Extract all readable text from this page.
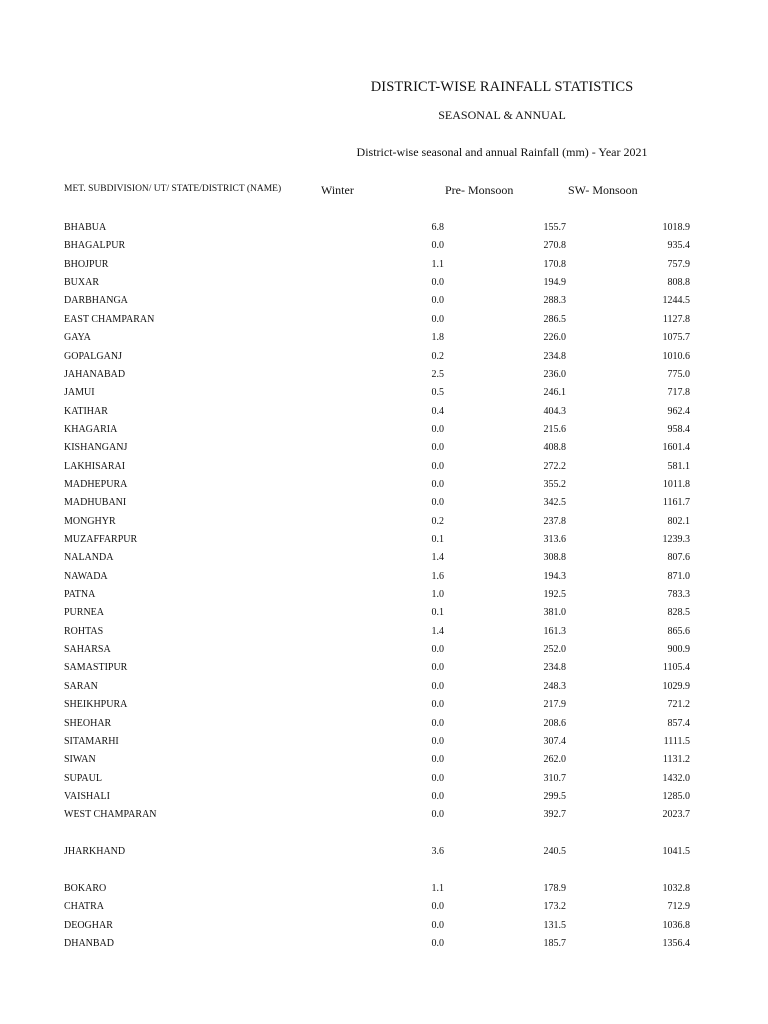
DISTRICT-WISE RAINFALL STATISTICS
SEASONAL & ANNUAL
District-wise seasonal and annual Rainfall (mm) - Year 2021
MET. SUBDIVISION/ UT/ STATE/DISTRICT (NAME)	Winter	Pre- Monsoon	SW- Monsoon
BHABUA	6.8	155.7	1018.9
BHAGALPUR	0.0	270.8	935.4
BHOJPUR	1.1	170.8	757.9
BUXAR	0.0	194.9	808.8
DARBHANGA	0.0	288.3	1244.5
EAST CHAMPARAN	0.0	286.5	1127.8
GAYA	1.8	226.0	1075.7
GOPALGANJ	0.2	234.8	1010.6
JAHANABAD	2.5	236.0	775.0
JAMUI	0.5	246.1	717.8
KATIHAR	0.4	404.3	962.4
KHAGARIA	0.0	215.6	958.4
KISHANGANJ	0.0	408.8	1601.4
LAKHISARAI	0.0	272.2	581.1
MADHEPURA	0.0	355.2	1011.8
MADHUBANI	0.0	342.5	1161.7
MONGHYR	0.2	237.8	802.1
MUZAFFARPUR	0.1	313.6	1239.3
NALANDA	1.4	308.8	807.6
NAWADA	1.6	194.3	871.0
PATNA	1.0	192.5	783.3
PURNEA	0.1	381.0	828.5
ROHTAS	1.4	161.3	865.6
SAHARSA	0.0	252.0	900.9
SAMASTIPUR	0.0	234.8	1105.4
SARAN	0.0	248.3	1029.9
SHEIKHPURA	0.0	217.9	721.2
SHEOHAR	0.0	208.6	857.4
SITAMARHI	0.0	307.4	1111.5
SIWAN	0.0	262.0	1131.2
SUPAUL	0.0	310.7	1432.0
VAISHALI	0.0	299.5	1285.0
WEST CHAMPARAN	0.0	392.7	2023.7
JHARKHAND	3.6	240.5	1041.5
BOKARO	1.1	178.9	1032.8
CHATRA	0.0	173.2	712.9
DEOGHAR	0.0	131.5	1036.8
DHANBAD	0.0	185.7	1356.4
